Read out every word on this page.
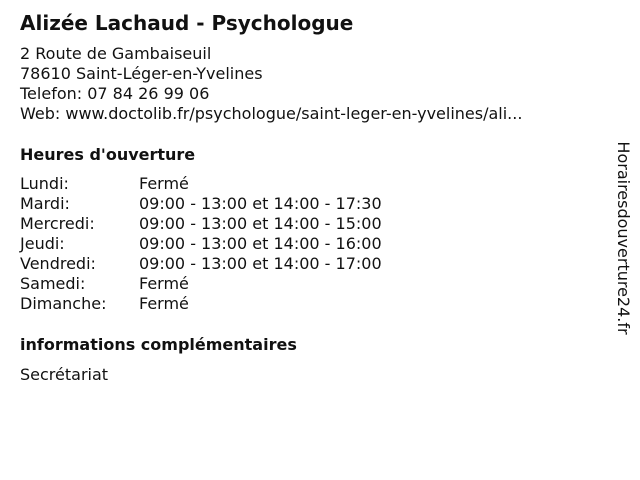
Alizée Lachaud - Psychologue
2 Route de Gambaiseuil
78610 Saint-Léger-en-Yvelines
Telefon: 07 84 26 99 06
Web: www.doctolib.fr/psychologue/saint-leger-en-yvelines/ali...
Heures d'ouverture
Lundi:	Fermé
Mardi:	09:00 - 13:00 et 14:00 - 17:30
Mercredi:	09:00 - 13:00 et 14:00 - 15:00
Jeudi:	09:00 - 13:00 et 14:00 - 16:00
Vendredi:	09:00 - 13:00 et 14:00 - 17:00
Samedi:	Fermé
Dimanche:	Fermé
informations complémentaires
Secrétariat
Horairesdouverture24.fr
